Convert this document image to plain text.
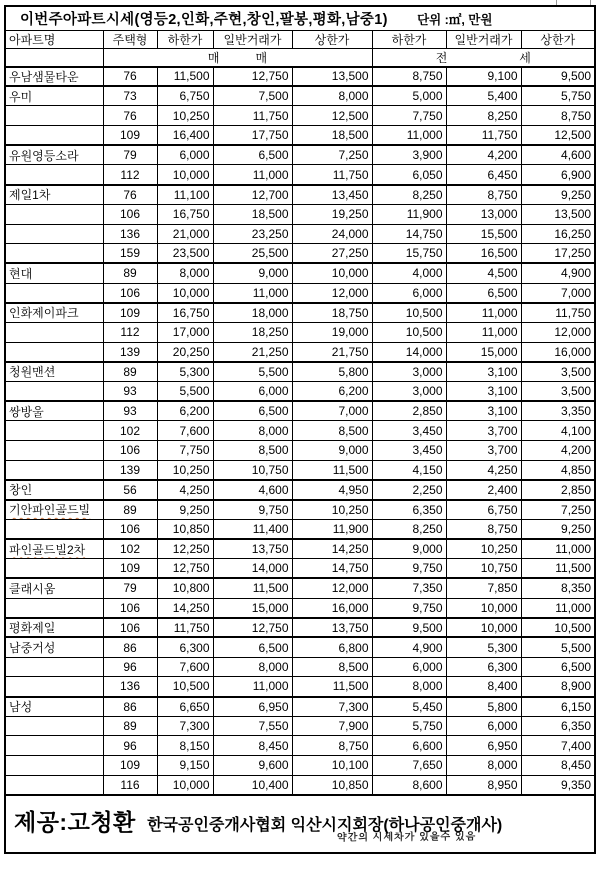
이번주아파트시세(영등2,인화,주현,창인,팔봉,평화,남중1) 단위 :㎡, 만원							
아파트명	주택형	하한가	일반거래가	상한가	하한가	일반거래가	상한가
	매　　　매				전　　　　　　세		
우남샘물타운	76	11,500	12,750	13,500	8,750	9,100	9,500
우미	73	6,750	7,500	8,000	5,000	5,400	5,750
	76	10,250	11,750	12,500	7,750	8,250	8,750
	109	16,400	17,750	18,500	11,000	11,750	12,500
유원영등소라	79	6,000	6,500	7,250	3,900	4,200	4,600
	112	10,000	11,000	11,750	6,050	6,450	6,900
제일1차	76	11,100	12,700	13,450	8,250	8,750	9,250
	106	16,750	18,500	19,250	11,900	13,000	13,500
	136	21,000	23,250	24,000	14,750	15,500	16,250
	159	23,500	25,500	27,250	15,750	16,500	17,250
현대	89	8,000	9,000	10,000	4,000	4,500	4,900
	106	10,000	11,000	12,000	6,000	6,500	7,000
인화제이파크	109	16,750	18,000	18,750	10,500	11,000	11,750
	112	17,000	18,250	19,000	10,500	11,000	12,000
	139	20,250	21,250	21,750	14,000	15,000	16,000
청원맨션	89	5,300	5,500	5,800	3,000	3,100	3,500
	93	5,500	6,000	6,200	3,000	3,100	3,500
쌍방울	93	6,200	6,500	7,000	2,850	3,100	3,350
	102	7,600	8,000	8,500	3,450	3,700	4,100
	106	7,750	8,500	9,000	3,450	3,700	4,200
	139	10,250	10,750	11,500	4,150	4,250	4,850
창인	56	4,250	4,600	4,950	2,250	2,400	2,850
기안파인골드빌	89	9,250	9,750	10,250	6,350	6,750	7,250
	106	10,850	11,400	11,900	8,250	8,750	9,250
파인골드빌2차	102	12,250	13,750	14,250	9,000	10,250	11,000
	109	12,750	14,000	14,750	9,750	10,750	11,500
클래시움	79	10,800	11,500	12,000	7,350	7,850	8,350
	106	14,250	15,000	16,000	9,750	10,000	11,000
평화제일	106	11,750	12,750	13,750	9,500	10,000	10,500
남중거성	86	6,300	6,500	6,800	4,900	5,300	5,500
	96	7,600	8,000	8,500	6,000	6,300	6,500
	136	10,500	11,000	11,500	8,000	8,400	8,900
남성	86	6,650	6,950	7,300	5,450	5,800	6,150
	89	7,300	7,550	7,900	5,750	6,000	6,350
	96	8,150	8,450	8,750	6,600	6,950	7,400
	109	9,150	9,600	10,100	7,650	8,000	8,450
	116	10,000	10,400	10,850	8,600	8,950	9,350
제공:고청환 한국공인중개사협회 익산시지회장(하나공인중개사)
약간의 시세차가 있을수 있음							
